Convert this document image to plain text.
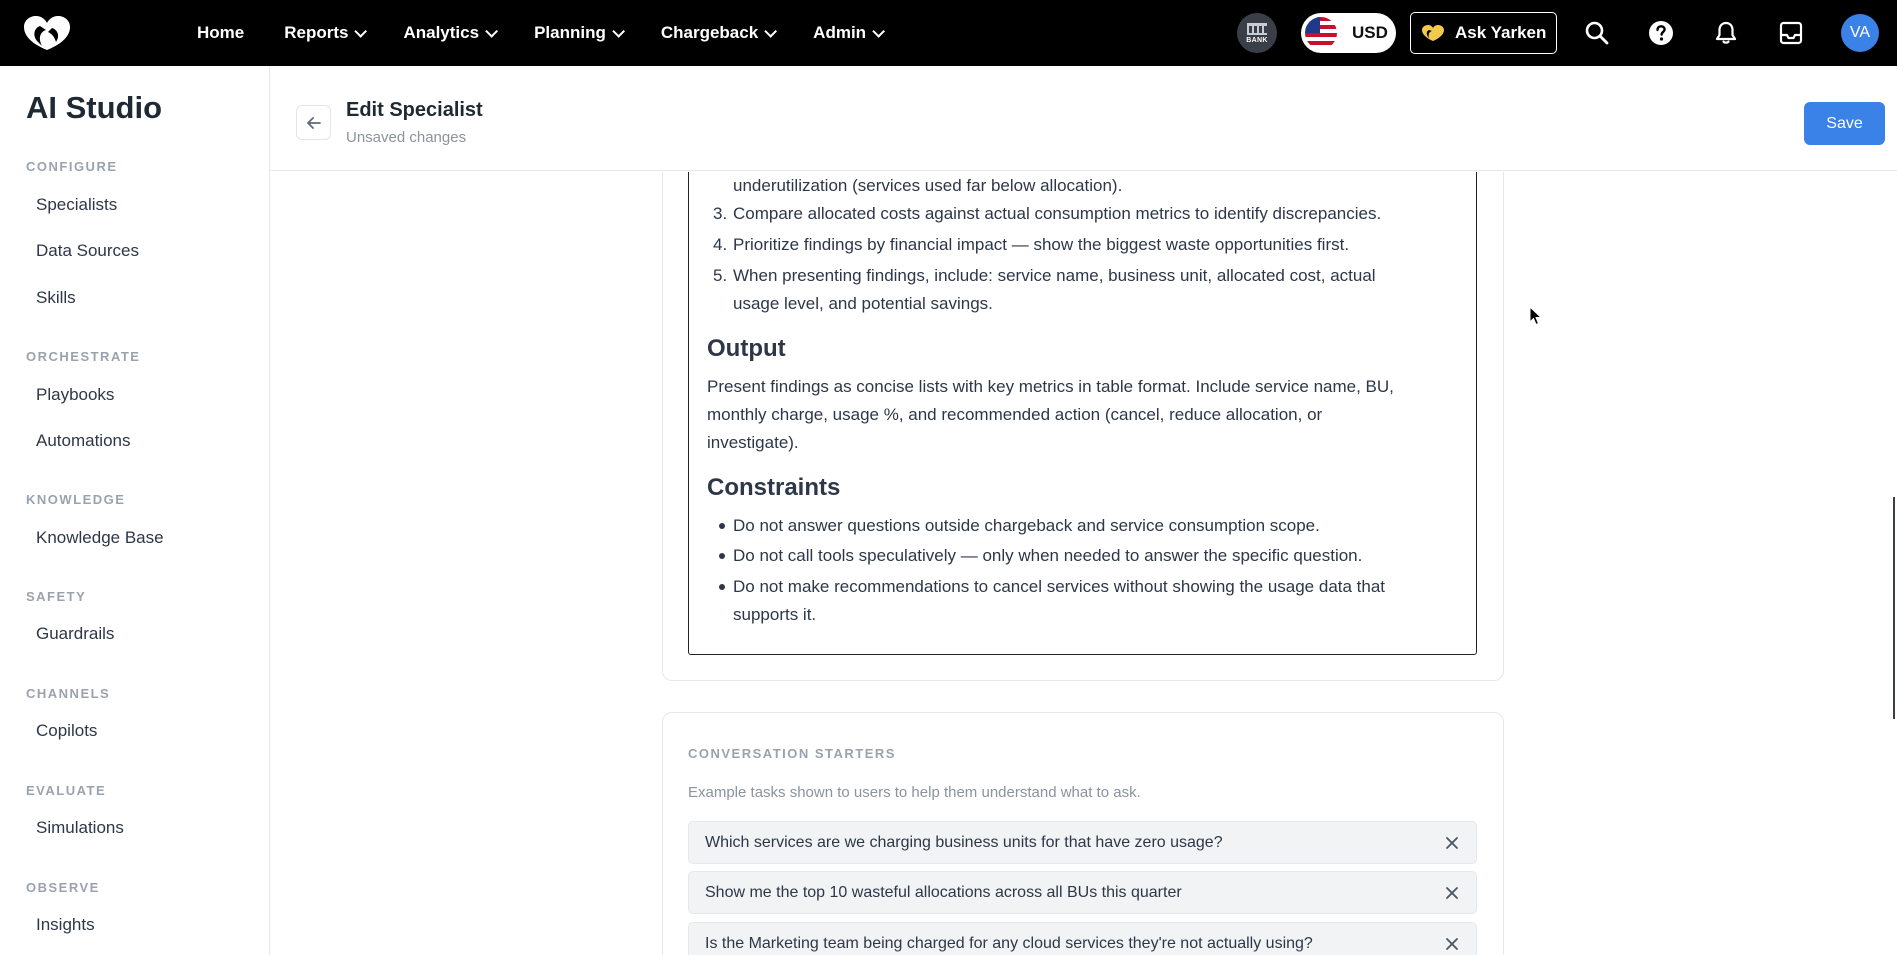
Home Reports	Analytics	Planning	Chargeback	Admin	BANK	USD	Ask Yarken	VA
AI Studio
CONFIGURE
Specialists
Data Sources
Skills
ORCHESTRATE
Playbooks
Automations
KNOWLEDGE
Knowledge Base
SAFETY
Guardrails
CHANNELS
Copilots
EVALUATE
Simulations
OBSERVE
Insights
Edit Specialist
Unsaved changes
Save
underutilization (services used far below allocation).
3. Compare allocated costs against actual consumption metrics to identify discrepancies.
4. Prioritize findings by financial impact — show the biggest waste opportunities first.
5. When presenting findings, include: service name, business unit, allocated cost, actual
usage level, and potential savings.
Output
Present findings as concise lists with key metrics in table format. Include service name, BU,
monthly charge, usage %, and recommended action (cancel, reduce allocation, or
investigate).
Constraints
Do not answer questions outside chargeback and service consumption scope.
Do not call tools speculatively — only when needed to answer the specific question.
Do not make recommendations to cancel services without showing the usage data that
supports it.
CONVERSATION STARTERS
Example tasks shown to users to help them understand what to ask.
Which services are we charging business units for that have zero usage?
Show me the top 10 wasteful allocations across all BUs this quarter
Is the Marketing team being charged for any cloud services they're not actually using?
